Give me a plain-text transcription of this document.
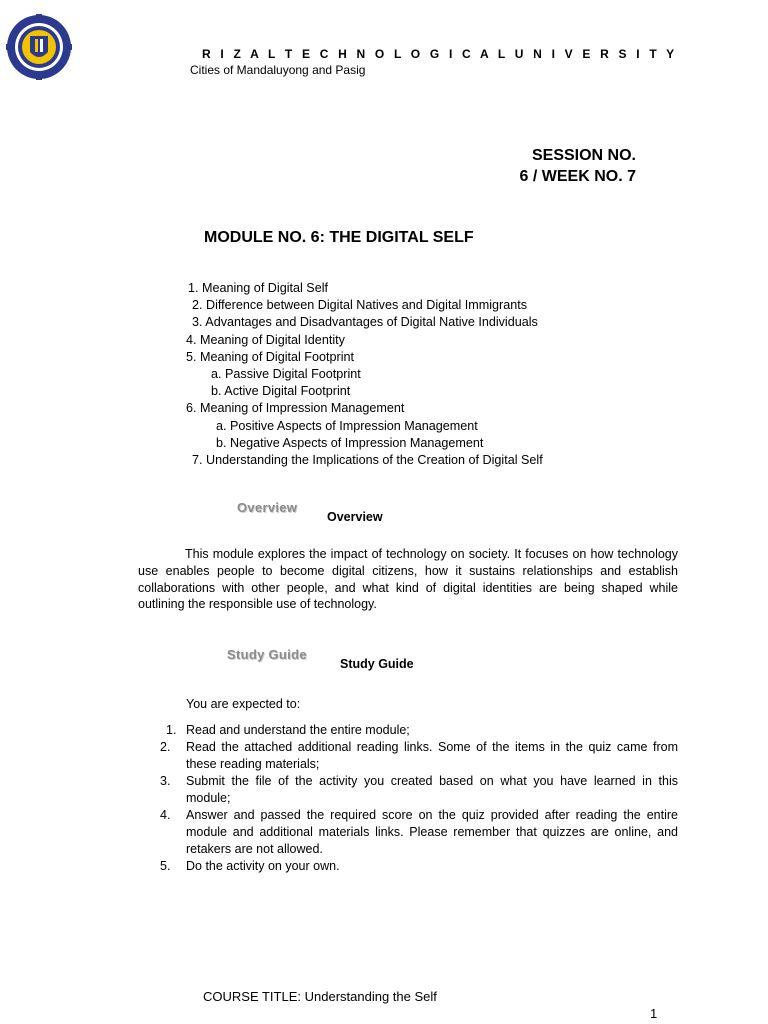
R I Z A L T E C H N O L O G I C A L U N I V E R S I T Y
Cities of Mandaluyong and Pasig
SESSION NO.
6 / WEEK NO. 7
MODULE NO. 6: THE DIGITAL SELF
1. Meaning of Digital Self
2. Difference between Digital Natives and Digital Immigrants
3. Advantages and Disadvantages of Digital Native Individuals
4. Meaning of Digital Identity
5. Meaning of Digital Footprint
a. Passive Digital Footprint
b. Active Digital Footprint
6. Meaning of Impression Management
a. Positive Aspects of Impression Management
b. Negative Aspects of Impression Management
7. Understanding the Implications of the Creation of Digital Self
Overview
Overview
This module explores the impact of technology on society. It focuses on how technology use enables people to become digital citizens, how it sustains relationships and establish collaborations with other people, and what kind of digital identities are being shaped while outlining the responsible use of technology.
Study Guide
Study Guide
You are expected to:
1. Read and understand the entire module;
2. Read the attached additional reading links. Some of the items in the quiz came from these reading materials;
3. Submit the file of the activity you created based on what you have learned in this module;
4. Answer and passed the required score on the quiz provided after reading the entire module and additional materials links. Please remember that quizzes are online, and retakers are not allowed.
5. Do the activity on your own.
COURSE TITLE: Understanding the Self
1
